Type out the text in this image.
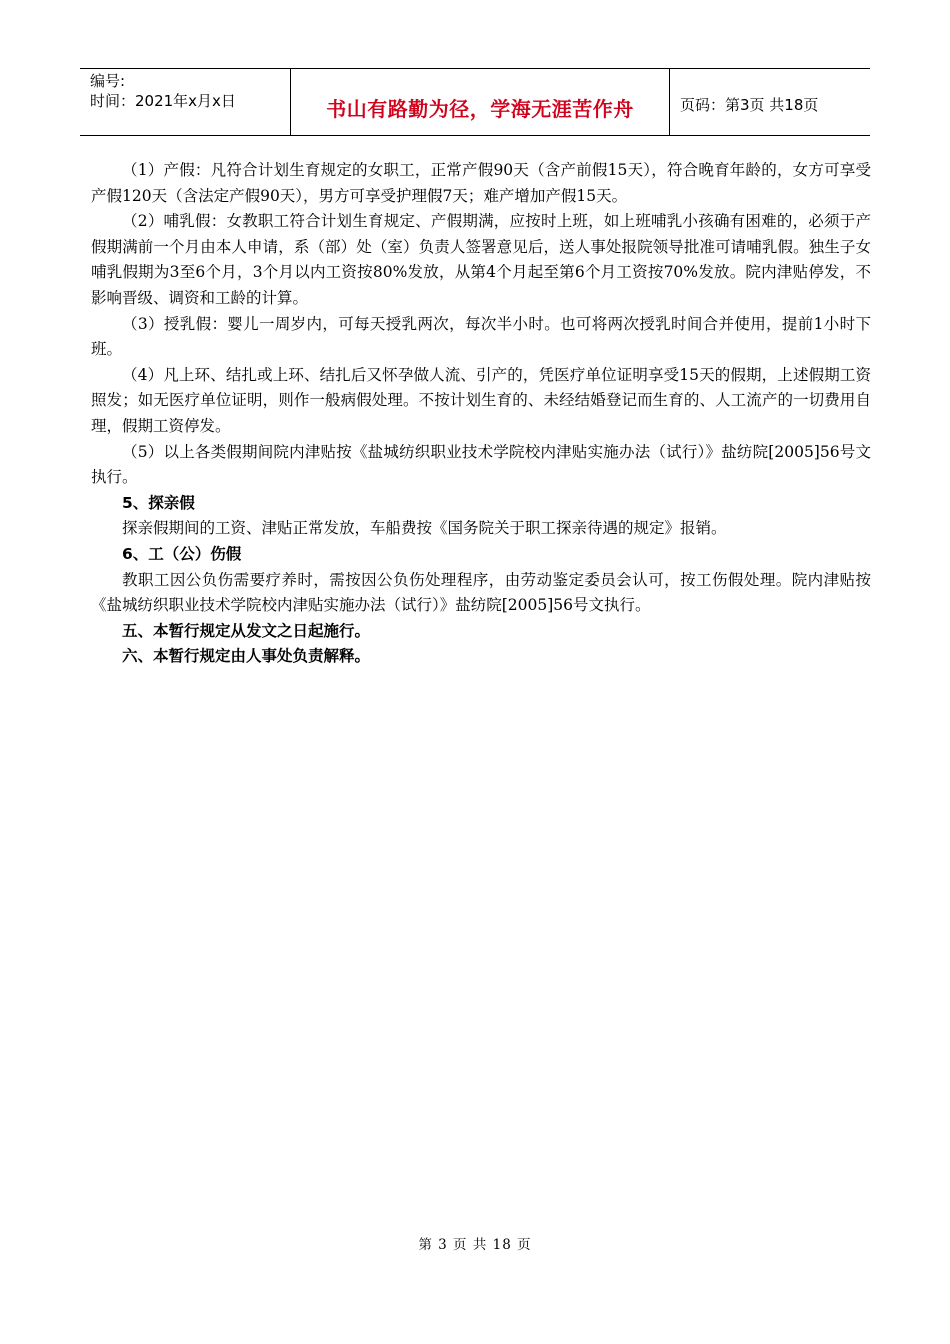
编号:
时间：2021年x月x日	书山有路勤为径，学海无涯苦作舟	页码：第3页 共18页

（1）产假：凡符合计划生育规定的女职工，正常产假90天（含产前假15天），符合晚育年龄的，女方可享受产假120天（含法定产假90天），男方可享受护理假7天；难产增加产假15天。

（2）哺乳假：女教职工符合计划生育规定、产假期满，应按时上班，如上班哺乳小孩确有困难的，必须于产假期满前一个月由本人申请，系（部）处（室）负责人签署意见后，送人事处报院领导批准可请哺乳假。独生子女哺乳假期为3至6个月，3个月以内工资按80%发放，从第4个月起至第6个月工资按70%发放。院内津贴停发，不影响晋级、调资和工龄的计算。

（3）授乳假：婴儿一周岁内，可每天授乳两次，每次半小时。也可将两次授乳时间合并使用，提前1小时下班。

（4）凡上环、结扎或上环、结扎后又怀孕做人流、引产的，凭医疗单位证明享受15天的假期，上述假期工资照发；如无医疗单位证明，则作一般病假处理。不按计划生育的、未经结婚登记而生育的、人工流产的一切费用自理，假期工资停发。

（5）以上各类假期间院内津贴按《盐城纺织职业技术学院校内津贴实施办法（试行）》盐纺院[2005]56号文执行。

5、探亲假

探亲假期间的工资、津贴正常发放，车船费按《国务院关于职工探亲待遇的规定》报销。

6、工（公）伤假

教职工因公负伤需要疗养时，需按因公负伤处理程序，由劳动鉴定委员会认可，按工伤假处理。院内津贴按《盐城纺织职业技术学院校内津贴实施办法（试行）》盐纺院[2005]56号文执行。

五、本暂行规定从发文之日起施行。

六、本暂行规定由人事处负责解释。

第 3 页 共 18 页
